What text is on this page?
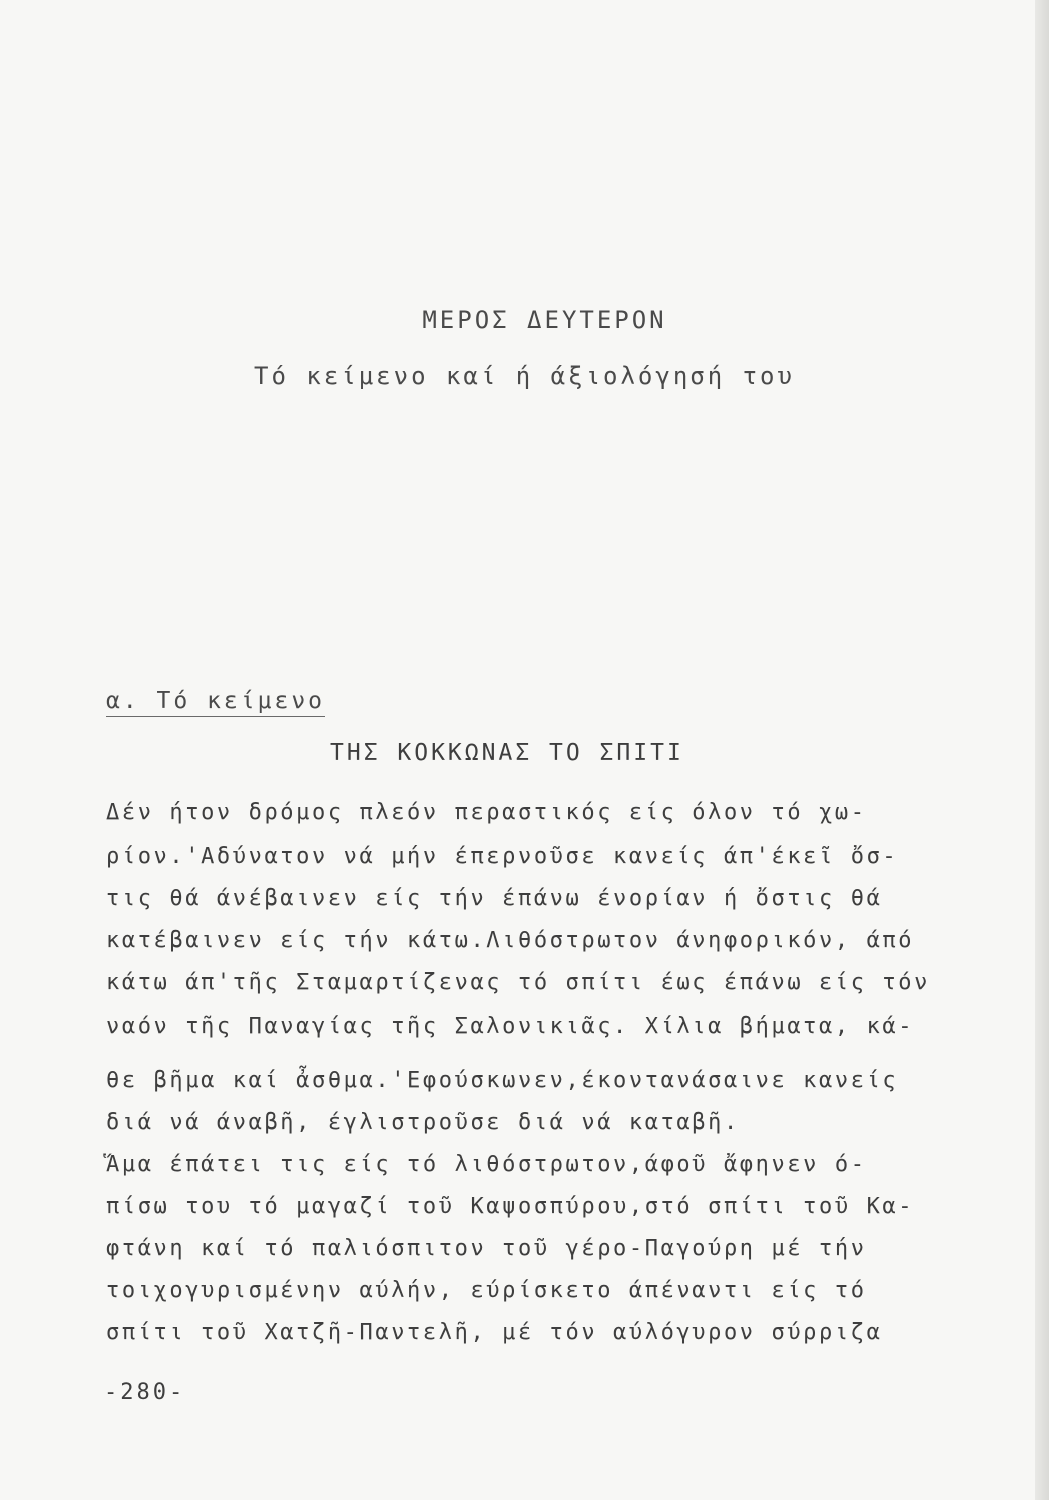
ΜΕΡΟΣ ΔΕΥΤΕΡΟΝ
Τό κείμενο καί ή άξιολόγησή του
α. Τό κείμενο
ΤΗΣ ΚΟΚΚΩΝΑΣ ΤΟ ΣΠΙΤΙ
Δέν ήτον δρόμος πλεόν περαστικός είς όλον τό χω-
ρίον.'Αδύνατον νά μήν έπερνοῦσε κανείς άπ'έκεῖ ὄσ-
τις θά άνέβαινεν είς τήν έπάνω ένορίαν ή ὄστις θά
κατέβαινεν είς τήν κάτω.Λιθόστρωτον άνηφορικόν, άπό
κάτω άπ'τῆς Σταμαρτίζενας τό σπίτι έως έπάνω είς τόν
ναόν τῆς Παναγίας τῆς Σαλονικιᾶς. Χίλια βήματα, κά-
θε βῆμα καί ἆσθμα.'Εφούσκωνεν,έκοντανάσαινε κανείς
διά νά άναβῆ, έγλιστροῦσε διά νά καταβῆ.
Ἅμα έπάτει τις είς τό λιθόστρωτον,άφοῦ ἄφηνεν ό-
πίσω του τό μαγαζί τοῦ Καψοσπύρου,στό σπίτι τοῦ Κα-
φτάνη καί τό παλιόσπιτον τοῦ γέρο-Παγούρη μέ τήν
τοιχογυρισμένην αύλήν, εύρίσκετο άπέναντι είς τό
σπίτι τοῦ Χατζῆ-Παντελῆ, μέ τόν αύλόγυρον σύρριζα
-280-
